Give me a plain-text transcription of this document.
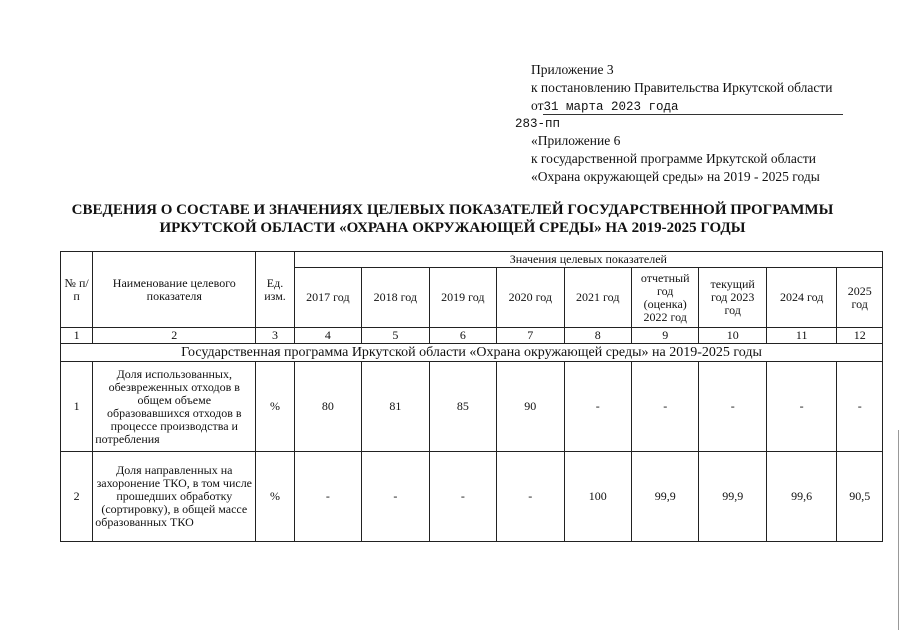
Приложение 3
к постановлению Правительства Иркутской области
от31 марта 2023 года
283-пп
«Приложение 6
к государственной программе Иркутской области
«Охрана окружающей среды» на 2019 - 2025 годы
СВЕДЕНИЯ О СОСТАВЕ И ЗНАЧЕНИЯХ ЦЕЛЕВЫХ ПОКАЗАТЕЛЕЙ ГОСУДАРСТВЕННОЙ ПРОГРАММЫ
ИРКУТСКОЙ ОБЛАСТИ «ОХРАНА ОКРУЖАЮЩЕЙ СРЕДЫ» НА 2019-2025 ГОДЫ
№ п/п	Наименование целевого показателя	Ед. изм.	Значения целевых показателей								
			2017 год	2018 год	2019 год	2020 год	2021 год	отчетный год (оценка) 2022 год	текущий год 2023 год	2024 год	2025 год
1	2	3	4	5	6	7	8	9	10	11	12
Государственная программа Иркутской области «Охрана окружающей среды» на 2019-2025 годы											
1	Доля использованных, обезвреженных отходов в общем объеме образовавшихся отходов в процессе производства и потребления	%	80	81	85	90	-	-	-	-	-
2	Доля направленных на захоронение ТКО, в том числе прошедших обработку (сортировку), в общей массе образованных ТКО	%	-	-	-	-	100	99,9	99,9	99,6	90,5
